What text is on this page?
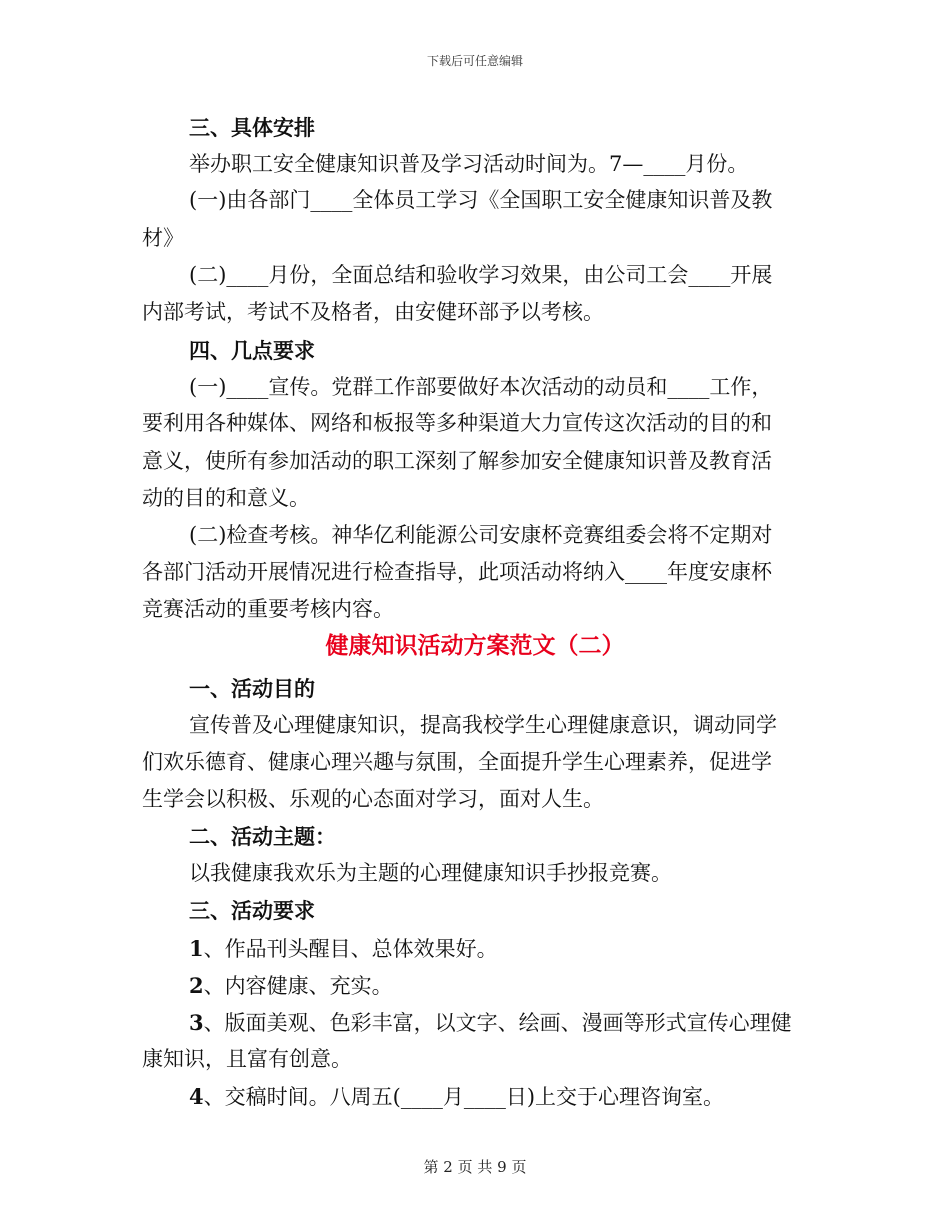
下载后可任意编辑
三、具体安排
举办职工安全健康知识普及学习活动时间为。7—____月份。
(一)由各部门____全体员工学习《全国职工安全健康知识普及教
材》
(二)____月份，全面总结和验收学习效果，由公司工会____开展
内部考试，考试不及格者，由安健环部予以考核。
四、几点要求
(一)____宣传。党群工作部要做好本次活动的动员和____工作，
要利用各种媒体、网络和板报等多种渠道大力宣传这次活动的目的和
意义，使所有参加活动的职工深刻了解参加安全健康知识普及教育活
动的目的和意义。
(二)检查考核。神华亿利能源公司安康杯竞赛组委会将不定期对
各部门活动开展情况进行检查指导，此项活动将纳入____年度安康杯
竞赛活动的重要考核内容。
健康知识活动方案范文（二）
一、活动目的
宣传普及心理健康知识，提高我校学生心理健康意识，调动同学
们欢乐德育、健康心理兴趣与氛围，全面提升学生心理素养，促进学
生学会以积极、乐观的心态面对学习，面对人生。
二、活动主题：
以我健康我欢乐为主题的心理健康知识手抄报竞赛。
三、活动要求
1、作品刊头醒目、总体效果好。
2、内容健康、充实。
3、版面美观、色彩丰富，以文字、绘画、漫画等形式宣传心理健
康知识，且富有创意。
4、交稿时间。八周五(____月____日)上交于心理咨询室。
第 2 页 共 9 页
